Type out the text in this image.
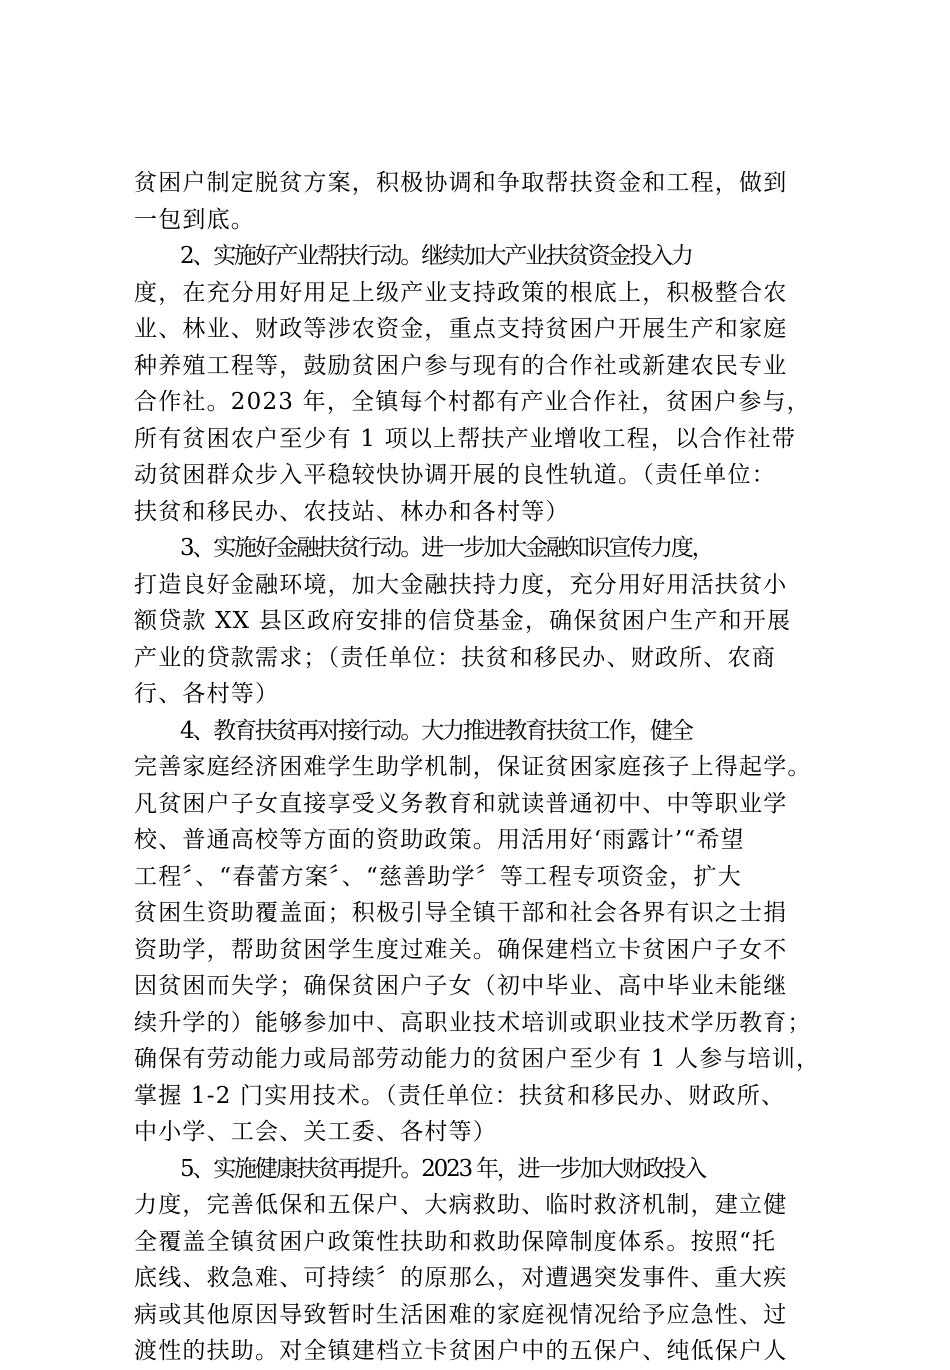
贫困户制定脱贫方案，积极协调和争取帮扶资金和工程，做到
一包到底。
2、实施好产业帮扶行动。继续加大产业扶贫资金投入力
度，在充分用好用足上级产业支持政策的根底上，积极整合农
业、林业、财政等涉农资金，重点支持贫困户开展生产和家庭
种养殖工程等，鼓励贫困户参与现有的合作社或新建农民专业
合作社。2023 年，全镇每个村都有产业合作社，贫困户参与，
所有贫困农户至少有 1 项以上帮扶产业增收工程，以合作社带
动贫困群众步入平稳较快协调开展的良性轨道。（责任单位：
扶贫和移民办、农技站、林办和各村等）
3、实施好金融扶贫行动。进一步加大金融知识宣传力度，
打造良好金融环境，加大金融扶持力度，充分用好用活扶贫小
额贷款 XX 县区政府安排的信贷基金，确保贫困户生产和开展
产业的贷款需求；（责任单位：扶贫和移民办、财政所、农商
行、各村等）
4、教育扶贫再对接行动。大力推进教育扶贫工作，健全
完善家庭经济困难学生助学机制，保证贫困家庭孩子上得起学。
凡贫困户子女直接享受义务教育和就读普通初中、中等职业学
校、普通高校等方面的资助政策。用活用好‘雨露计’“希望
工程〞、“春蕾方案〞、“慈善助学〞等工程专项资金，扩大
贫困生资助覆盖面；积极引导全镇干部和社会各界有识之士捐
资助学，帮助贫困学生度过难关。确保建档立卡贫困户子女不
因贫困而失学；确保贫困户子女（初中毕业、高中毕业未能继
续升学的）能够参加中、高职业技术培训或职业技术学历教育；
确保有劳动能力或局部劳动能力的贫困户至少有 1 人参与培训，
掌握 1-2 门实用技术。（责任单位：扶贫和移民办、财政所、
中小学、工会、关工委、各村等）
5、实施健康扶贫再提升。2023 年，进一步加大财政投入
力度，完善低保和五保户、大病救助、临时救济机制，建立健
全覆盖全镇贫困户政策性扶助和救助保障制度体系。按照“托
底线、救急难、可持续〞的原那么，对遭遇突发事件、重大疾
病或其他原因导致暂时生活困难的家庭视情况给予应急性、过
渡性的扶助。对全镇建档立卡贫困户中的五保户、纯低保户人
